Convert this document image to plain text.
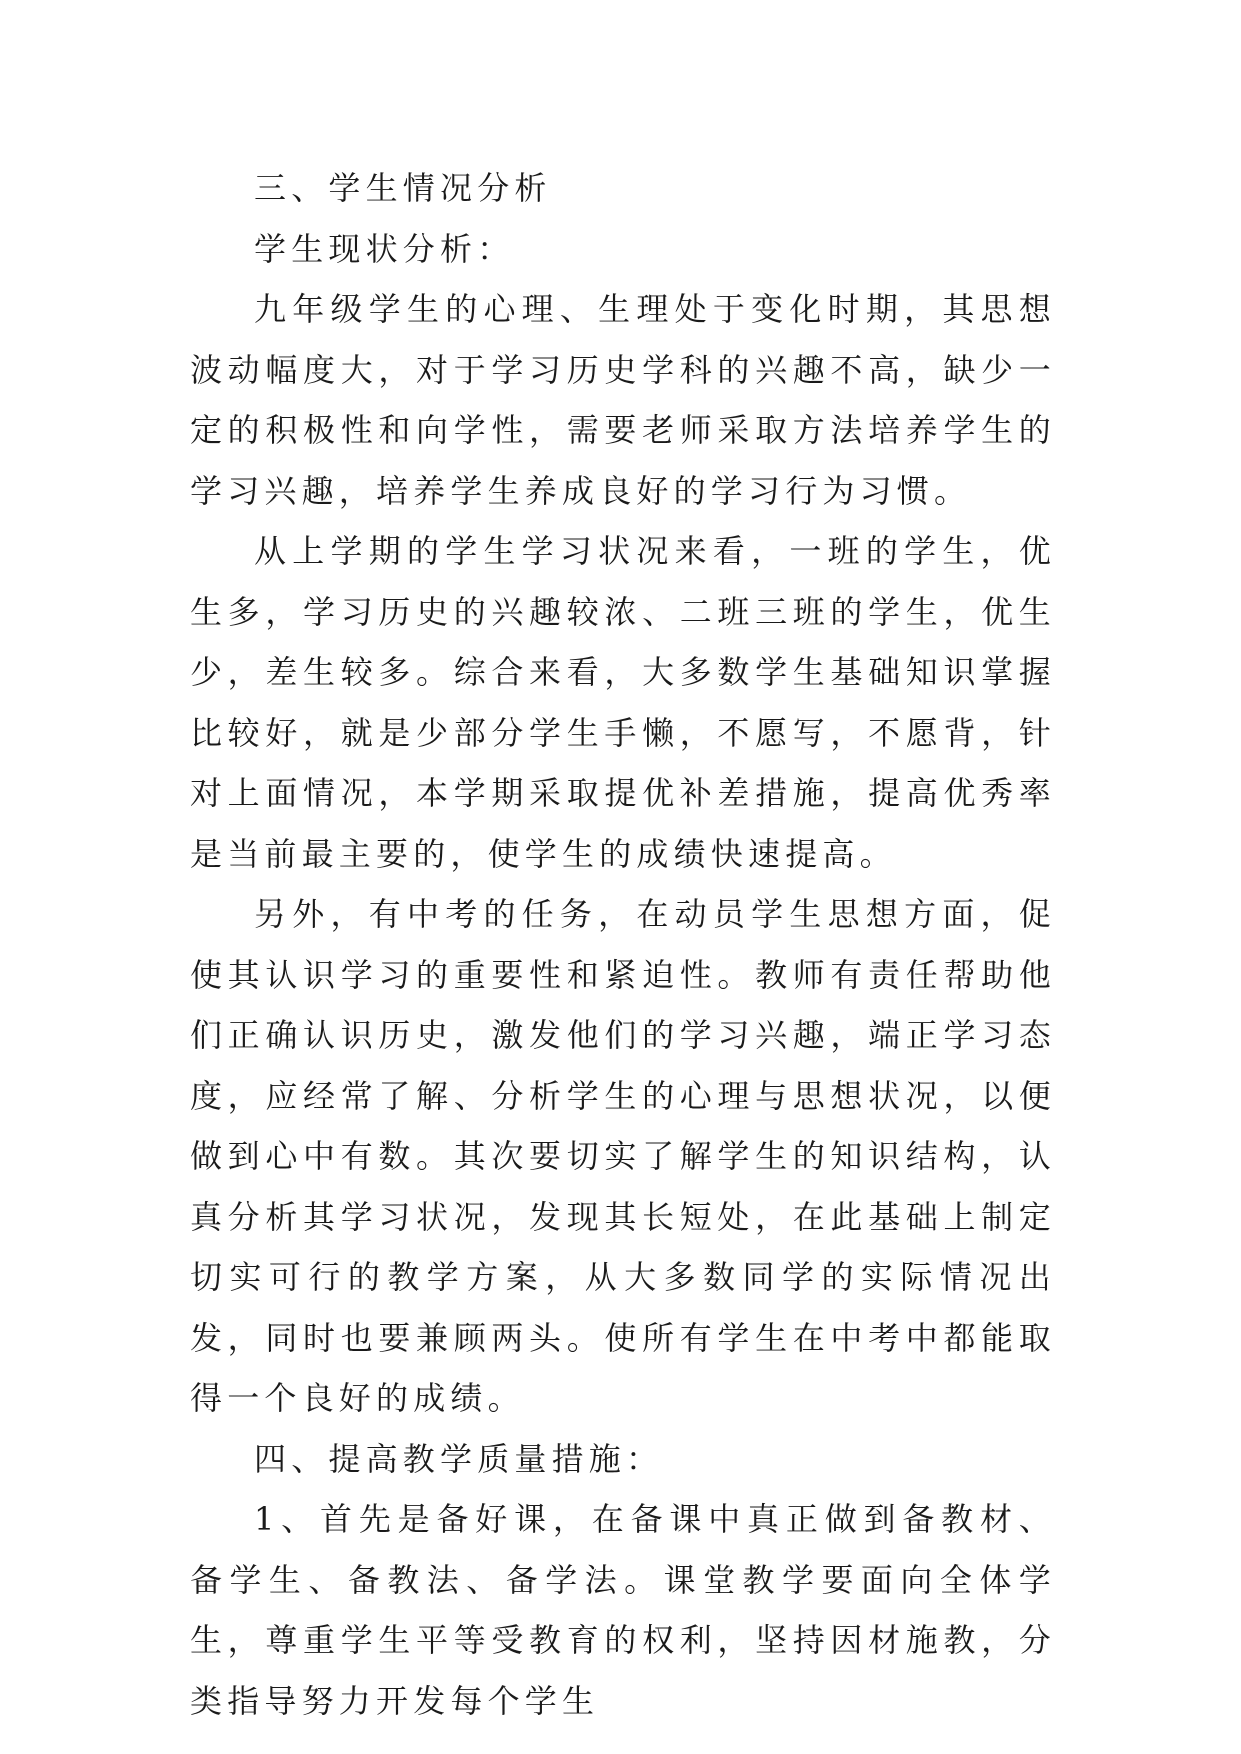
三、学生情况分析

学生现状分析：

九年级学生的心理、生理处于变化时期，其思想波动幅度大，对于学习历史学科的兴趣不高，缺少一定的积极性和向学性，需要老师采取方法培养学生的学习兴趣，培养学生养成良好的学习行为习惯。

从上学期的学生学习状况来看，一班的学生，优生多，学习历史的兴趣较浓、二班三班的学生，优生少，差生较多。综合来看，大多数学生基础知识掌握比较好，就是少部分学生手懒，不愿写，不愿背，针对上面情况，本学期采取提优补差措施，提高优秀率是当前最主要的，使学生的成绩快速提高。

另外，有中考的任务，在动员学生思想方面，促使其认识学习的重要性和紧迫性。教师有责任帮助他们正确认识历史，激发他们的学习兴趣，端正学习态度，应经常了解、分析学生的心理与思想状况，以便做到心中有数。其次要切实了解学生的知识结构，认真分析其学习状况，发现其长短处，在此基础上制定切实可行的教学方案，从大多数同学的实际情况出发，同时也要兼顾两头。使所有学生在中考中都能取得一个良好的成绩。

四、提高教学质量措施：

1、首先是备好课，在备课中真正做到备教材、备学生、备教法、备学法。课堂教学要面向全体学生，尊重学生平等受教育的权利，坚持因材施教，分类指导努力开发每个学生
